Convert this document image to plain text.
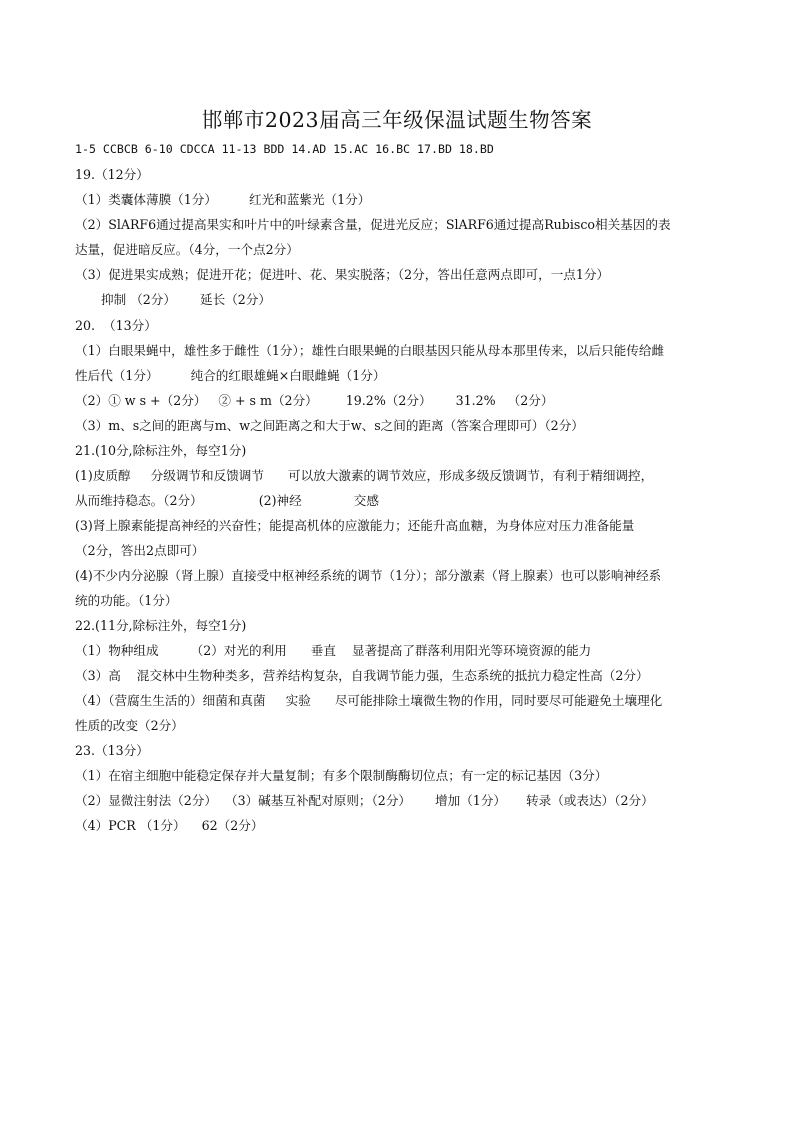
邯郸市2023届高三年级保温试题生物答案
1-5 CCBCB 6-10 CDCCA 11-13 BDD 14.AD 15.AC 16.BC 17.BD 18.BD
19.（12分）
（1）类囊体薄膜（1分）        红光和蓝紫光（1分）
（2）SlARF6通过提高果实和叶片中的叶绿素含量，促进光反应；SlARF6通过提高Rubisco相关基因的表
达量，促进暗反应。（4分，一个点2分）
（3）促进果实成熟；促进开花；促进叶、花、果实脱落；（2分，答出任意两点即可，一点1分）
抑制 （2分）      延长（2分）
20.  （13分）
（1）白眼果蝇中，雄性多于雌性（1分）；雄性白眼果蝇的白眼基因只能从母本那里传来，以后只能传给雌
性后代（1分）        纯合的红眼雄蝇×白眼雌蝇（1分）
（2）① w s +（2分）   ② + s m（2分）       19.2%（2分）      31.2%   （2分）
（3）m、s之间的距离与m、w之间距离之和大于w、s之间的距离（答案合理即可）（2分）
21.(10分,除标注外，每空1分)
(1)皮质醇     分级调节和反馈调节      可以放大激素的调节效应，形成多级反馈调节，有利于精细调控，
从而维持稳态。（2分）              (2)神经             交感
(3)肾上腺素能提高神经的兴奋性；能提高机体的应激能力；还能升高血糖，为身体应对压力准备能量
（2分，答出2点即可）
(4)不少内分泌腺（肾上腺）直接受中枢神经系统的调节（1分）；部分激素（肾上腺素）也可以影响神经系
统的功能。（1分）
22.(11分,除标注外，每空1分)
（1）物种组成        （2）对光的利用      垂直    显著提高了群落利用阳光等环境资源的能力
（3）高    混交林中生物种类多，营养结构复杂，自我调节能力强，生态系统的抵抗力稳定性高（2分）
（4）（营腐生生活的）细菌和真菌     实验      尽可能排除土壤微生物的作用，同时要尽可能避免土壤理化
性质的改变（2分）
23.（13分）
（1）在宿主细胞中能稳定保存并大量复制；有多个限制酶酶切位点；有一定的标记基因（3分）
（2）显微注射法（2分）  （3）碱基互补配对原则；（2分）      增加（1分）     转录（或表达）（2分）
（4）PCR （1分）    62（2分）
